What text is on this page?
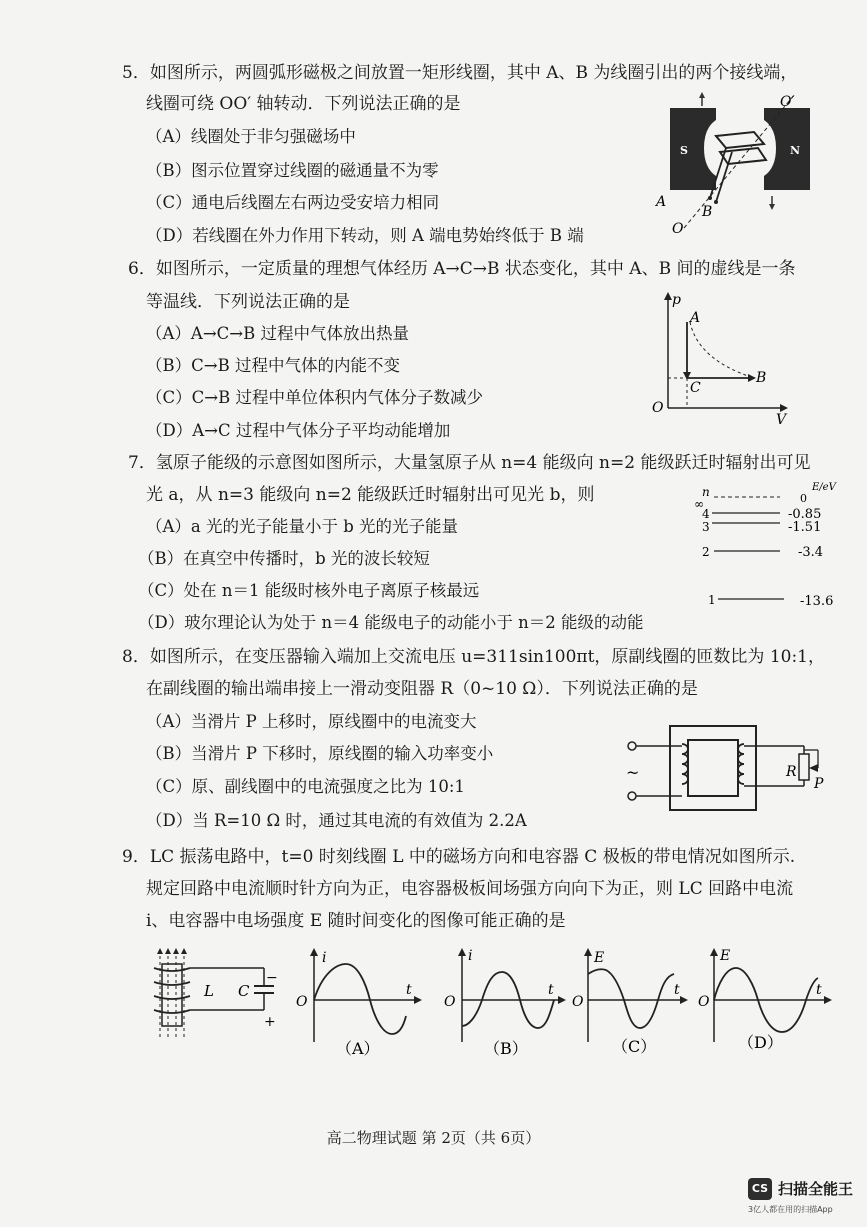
5．如图所示，两圆弧形磁极之间放置一矩形线圈，其中 A、B 为线圈引出的两个接线端，
线圈可绕 OO′ 轴转动．下列说法正确的是
（A）线圈处于非匀强磁场中
（B）图示位置穿过线圈的磁通量不为零
（C）通电后线圈左右两边受安培力相同
（D）若线圈在外力作用下转动，则 A 端电势始终低于 B 端
S	N
O′
O
A
B
6．如图所示，一定质量的理想气体经历 A→C→B 状态变化，其中 A、B 间的虚线是一条
等温线．下列说法正确的是
（A）A→C→B 过程中气体放出热量
（B）C→B 过程中气体的内能不变
（C）C→B 过程中单位体积内气体分子数减少
（D）A→C 过程中气体分子平均动能增加
p
V
O
A
B
C
7．氢原子能级的示意图如图所示，大量氢原子从 n=4 能级向 n=2 能级跃迁时辐射出可见
光 a，从 n=3 能级向 n=2 能级跃迁时辐射出可见光 b，则
（A）a 光的光子能量小于 b 光的光子能量
（B）在真空中传播时，b 光的波长较短
（C）处在 n＝1 能级时核外电子离原子核最远
（D）玻尔理论认为处于 n＝4 能级电子的动能小于 n＝2 能级的动能
n	E/eV
∞	0
4	-0.85
3	-1.51
2	-3.4
1	-13.6
8．如图所示，在变压器输入端加上交流电压 u=311sin100πt，原副线圈的匝数比为 10:1，
在副线圈的输出端串接上一滑动变阻器 R（0~10 Ω）．下列说法正确的是
（A）当滑片 P 上移时，原线圈中的电流变大
（B）当滑片 P 下移时，原线圈的输入功率变小
（C）原、副线圈中的电流强度之比为 10:1
（D）当 R=10 Ω 时，通过其电流的有效值为 2.2A
~	R
P
9．LC 振荡电路中，t=0 时刻线圈 L 中的磁场方向和电容器 C 极板的带电情况如图所示.
规定回路中电流顺时针方向为正，电容器极板间场强方向向下为正，则 LC 回路中电流
i、电容器中电场强度 E 随时间变化的图像可能正确的是
L C
−
+
i
t
O
（A）
i
t
O
（B）
E
t
O
（C）
E
t
O
（D）
高二物理试题 第 2页（共 6页）
CS 扫描全能王
3亿人都在用的扫描App
